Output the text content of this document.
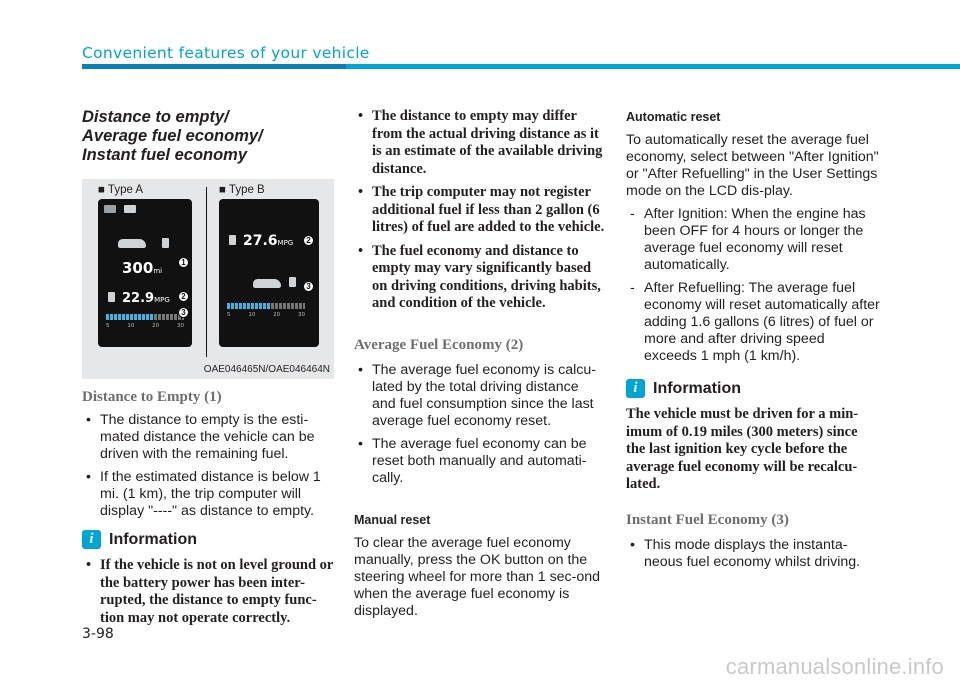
Convenient features of your vehicle
Distance to empty/
Average fuel economy/
Instant fuel economy
■ Type A	■ Type B
300mi
22.9MPG
5	10	20	30
1
2
3
27.6MPG
5	10	20	30
2
3
OAE046465N/OAE046464N
Distance to Empty (1)
• The distance to empty is the esti-mated distance the vehicle can be driven with the remaining fuel.
• If the estimated distance is below 1 mi. (1 km), the trip computer will display "----" as distance to empty.
i Information
• If the vehicle is not on level ground or the battery power has been inter-rupted, the distance to empty func-tion may not operate correctly.
• The distance to empty may differ from the actual driving distance as it is an estimate of the available driving distance.
• The trip computer may not register additional fuel if less than 2 gallon (6 litres) of fuel are added to the vehicle.
• The fuel economy and distance to empty may vary significantly based on driving conditions, driving habits, and condition of the vehicle.
Average Fuel Economy (2)
• The average fuel economy is calcu-lated by the total driving distance and fuel consumption since the last average fuel economy reset.
• The average fuel economy can be reset both manually and automati-cally.
Manual reset
To clear the average fuel economy manually, press the OK button on the steering wheel for more than 1 sec-ond when the average fuel economy is displayed.
Automatic reset
To automatically reset the average fuel economy, select between "After Ignition" or "After Refuelling" in the User Settings mode on the LCD dis-play.
- After Ignition: When the engine has been OFF for 4 hours or longer the average fuel economy will reset automatically.
- After Refuelling: The average fuel economy will reset automatically after adding 1.6 gallons (6 litres) of fuel or more and after driving speed exceeds 1 mph (1 km/h).
i Information
The vehicle must be driven for a min-imum of 0.19 miles (300 meters) since the last ignition key cycle before the average fuel economy will be recalcu-lated.
Instant Fuel Economy (3)
• This mode displays the instanta-neous fuel economy whilst driving.
3-98
carmanualsonline.info
